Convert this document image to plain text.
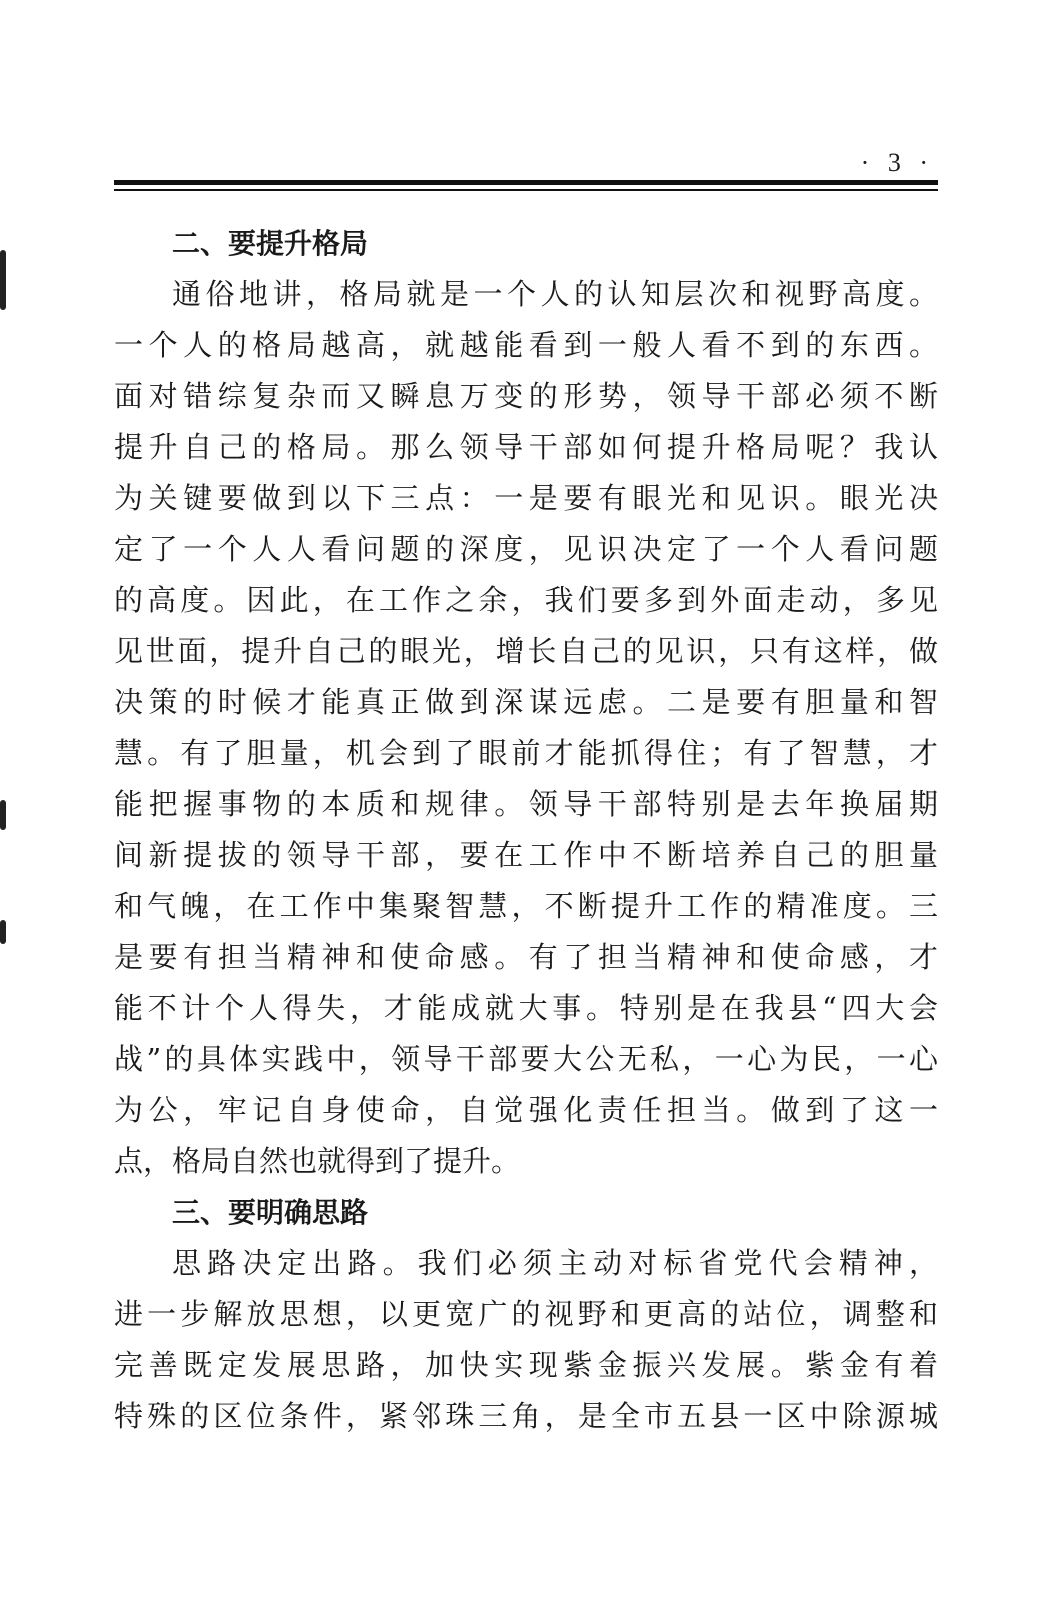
· 3 ·
二、要提升格局
通俗地讲，格局就是一个人的认知层次和视野高度。
一个人的格局越高，就越能看到一般人看不到的东西。
面对错综复杂而又瞬息万变的形势，领导干部必须不断
提升自己的格局。那么领导干部如何提升格局呢？我认
为关键要做到以下三点：一是要有眼光和见识。眼光决
定了一个人人看问题的深度，见识决定了一个人看问题
的高度。因此，在工作之余，我们要多到外面走动，多见
见世面，提升自己的眼光，增长自己的见识，只有这样，做
决策的时候才能真正做到深谋远虑。二是要有胆量和智
慧。有了胆量，机会到了眼前才能抓得住；有了智慧，才
能把握事物的本质和规律。领导干部特别是去年换届期
间新提拔的领导干部，要在工作中不断培养自己的胆量
和气魄，在工作中集聚智慧，不断提升工作的精准度。三
是要有担当精神和使命感。有了担当精神和使命感，才
能不计个人得失，才能成就大事。特别是在我县“四大会
战”的具体实践中，领导干部要大公无私，一心为民，一心
为公，牢记自身使命，自觉强化责任担当。做到了这一
点，格局自然也就得到了提升。
三、要明确思路
思路决定出路。我们必须主动对标省党代会精神，
进一步解放思想，以更宽广的视野和更高的站位，调整和
完善既定发展思路，加快实现紫金振兴发展。紫金有着
特殊的区位条件，紧邻珠三角，是全市五县一区中除源城
